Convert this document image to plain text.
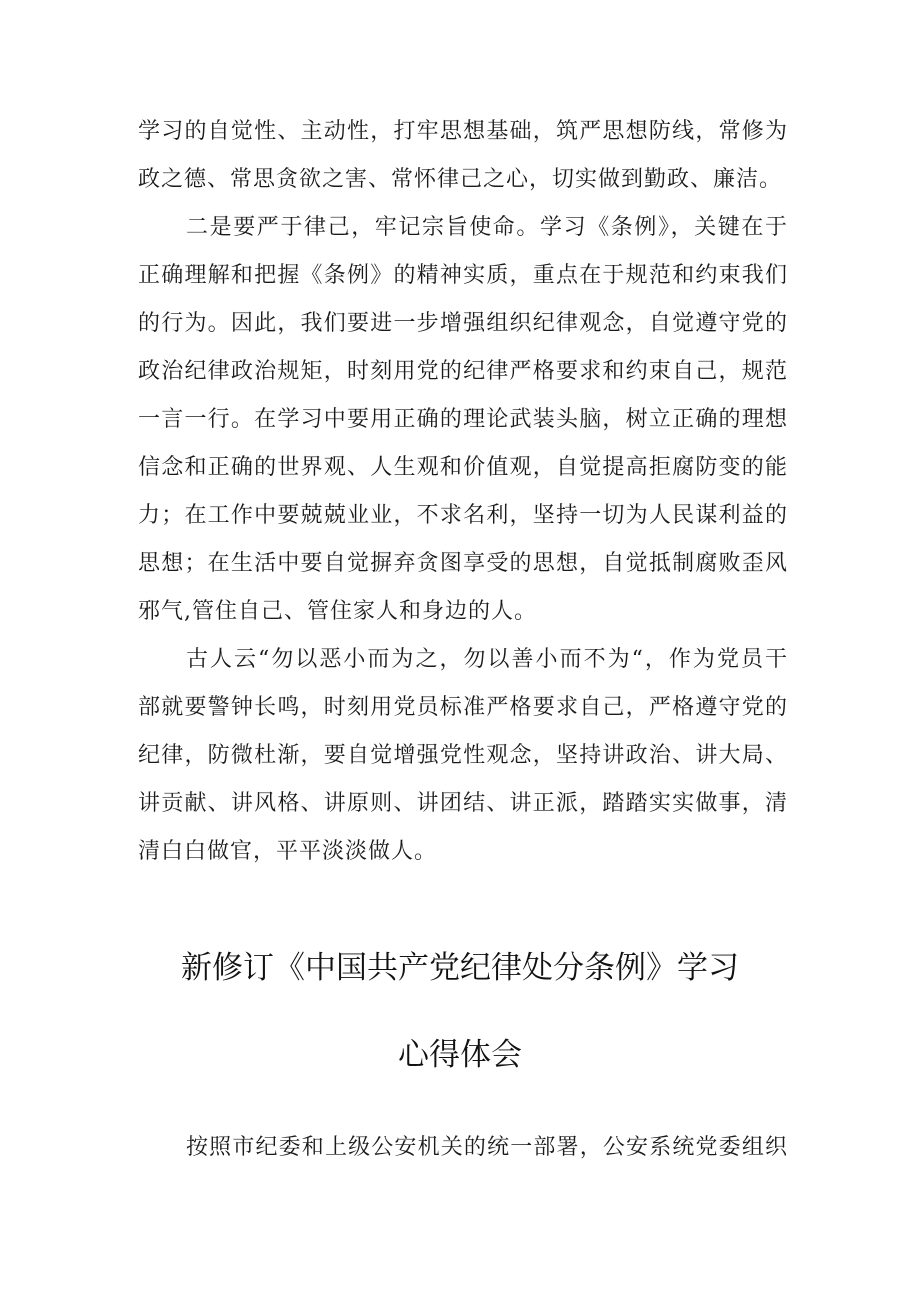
学习的自觉性、主动性，打牢思想基础，筑严思想防线，常修为
政之德、常思贪欲之害、常怀律己之心，切实做到勤政、廉洁。
二是要严于律己，牢记宗旨使命。学习《条例》，关键在于
正确理解和把握《条例》的精神实质，重点在于规范和约束我们
的行为。因此，我们要进一步增强组织纪律观念，自觉遵守党的
政治纪律政治规矩，时刻用党的纪律严格要求和约束自己，规范
一言一行。在学习中要用正确的理论武装头脑，树立正确的理想
信念和正确的世界观、人生观和价值观，自觉提高拒腐防变的能
力；在工作中要兢兢业业，不求名利，坚持一切为人民谋利益的
思想；在生活中要自觉摒弃贪图享受的思想，自觉抵制腐败歪风
邪气,管住自己、管住家人和身边的人。
古人云“勿以恶小而为之，勿以善小而不为“，作为党员干
部就要警钟长鸣，时刻用党员标准严格要求自己，严格遵守党的
纪律，防微杜渐，要自觉增强党性观念，坚持讲政治、讲大局、
讲贡献、讲风格、讲原则、讲团结、讲正派，踏踏实实做事，清
清白白做官，平平淡淡做人。
新修订《中国共产党纪律处分条例》学习
心得体会
按照市纪委和上级公安机关的统一部署，公安系统党委组织
